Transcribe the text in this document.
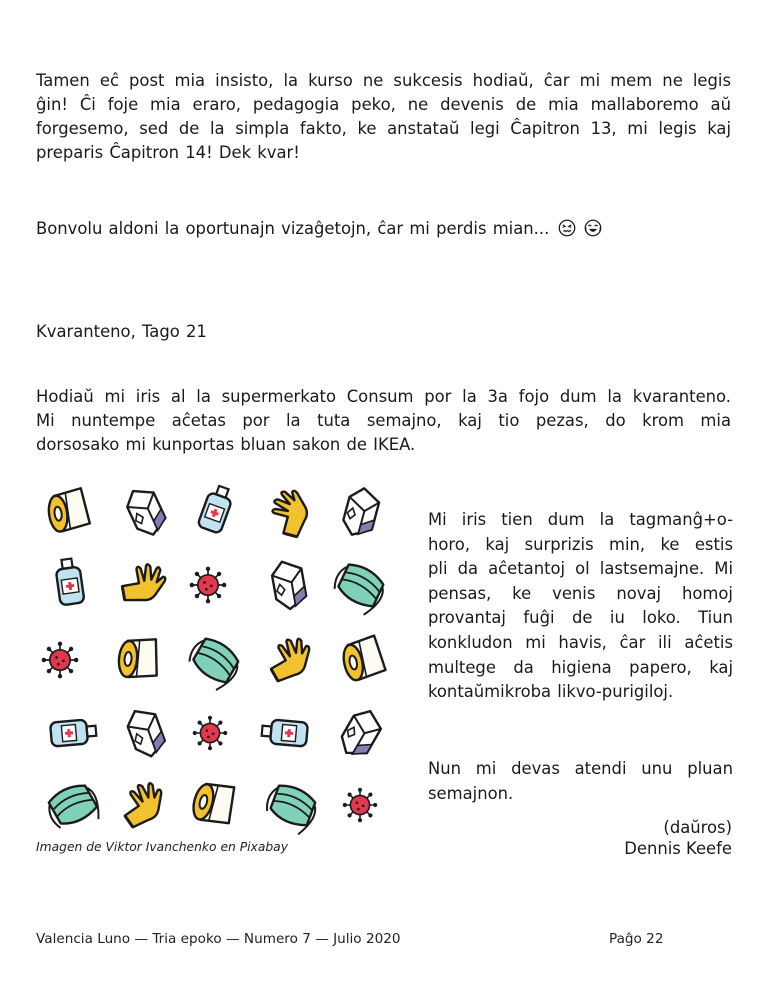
Tamen eĉ post mia insisto, la kurso ne sukcesis hodiaŭ, ĉar mi mem ne legis
ĝin! Ĉi foje mia eraro, pedagogia peko, ne devenis de mia mallaboremo aŭ
forgesemo, sed de la simpla fakto, ke anstataŭ legi Ĉapitron 13, mi legis kaj
preparis Ĉapitron 14! Dek kvar!
Bonvolu aldoni la oportunajn vizaĝetojn, ĉar mi perdis mian...
Kvaranteno, Tago 21
Hodiaŭ mi iris al la supermerkato Consum por la 3a fojo dum la kvaranteno.
Mi nuntempe aĉetas por la tuta semajno, kaj tio pezas, do krom mia
dorsosako mi kunportas bluan sakon de IKEA.
Imagen de Viktor Ivanchenko en Pixabay
Mi iris tien dum la tagmanĝ+o-
horo, kaj surprizis min, ke estis
pli da aĉetantoj ol lastsemajne. Mi
pensas, ke venis novaj homoj
provantaj fuĝi de iu loko. Tiun
konkludon mi havis, ĉar ili aĉetis
multege da higiena papero, kaj
kontaŭmikroba likvo-purigiloj.
Nun mi devas atendi unu pluan
semajnon.
(daŭros)
Dennis Keefe
Valencia Luno — Tria epoko — Numero 7 — Julio 2020	Paĝo 22
